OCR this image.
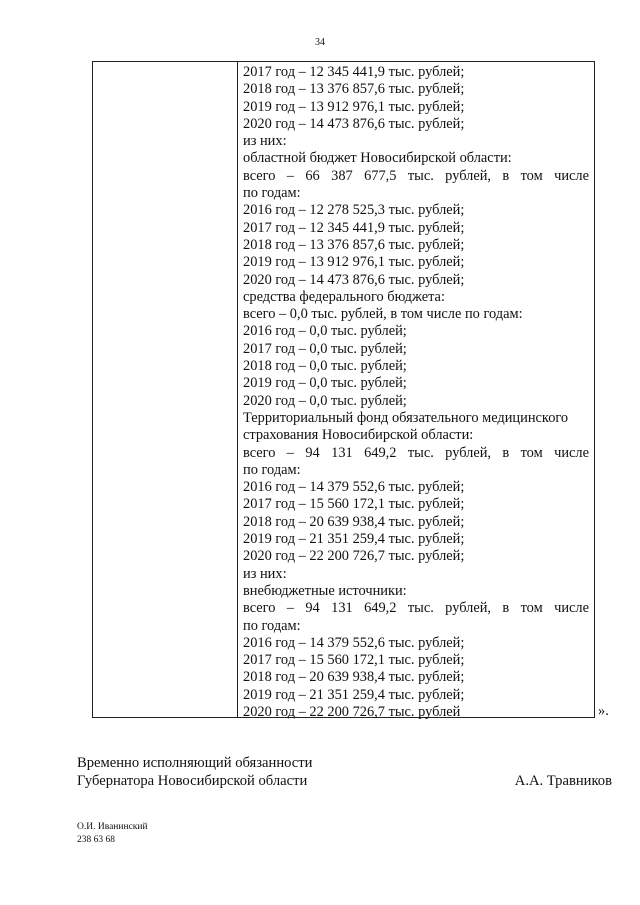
34
2017 год – 12 345 441,9 тыс. рублей;
2018 год – 13 376 857,6 тыс. рублей;
2019 год – 13 912 976,1 тыс. рублей;
2020 год – 14 473 876,6 тыс. рублей;
из них:
областной бюджет Новосибирской области:
всего – 66 387 677,5 тыс. рублей, в том числе
по годам:
2016 год – 12 278 525,3 тыс. рублей;
2017 год – 12 345 441,9 тыс. рублей;
2018 год – 13 376 857,6 тыс. рублей;
2019 год – 13 912 976,1 тыс. рублей;
2020 год – 14 473 876,6 тыс. рублей;
средства федерального бюджета:
всего – 0,0 тыс. рублей, в том числе по годам:
2016 год – 0,0 тыс. рублей;
2017 год – 0,0 тыс. рублей;
2018 год – 0,0 тыс. рублей;
2019 год – 0,0 тыс. рублей;
2020 год – 0,0 тыс. рублей;
Территориальный фонд обязательного медицинского
страхования Новосибирской области:
всего – 94 131 649,2 тыс. рублей, в том числе
по годам:
2016 год – 14 379 552,6 тыс. рублей;
2017 год – 15 560 172,1 тыс. рублей;
2018 год – 20 639 938,4 тыс. рублей;
2019 год – 21 351 259,4 тыс. рублей;
2020 год – 22 200 726,7 тыс. рублей;
из них:
внебюджетные источники:
всего – 94 131 649,2 тыс. рублей, в том числе
по годам:
2016 год – 14 379 552,6 тыс. рублей;
2017 год – 15 560 172,1 тыс. рублей;
2018 год – 20 639 938,4 тыс. рублей;
2019 год – 21 351 259,4 тыс. рублей;
2020 год – 22 200 726,7 тыс. рублей	».
Временно исполняющий обязанности
Губернатора Новосибирской области	А.А. Травников
О.И. Иванинский
238 63 68
